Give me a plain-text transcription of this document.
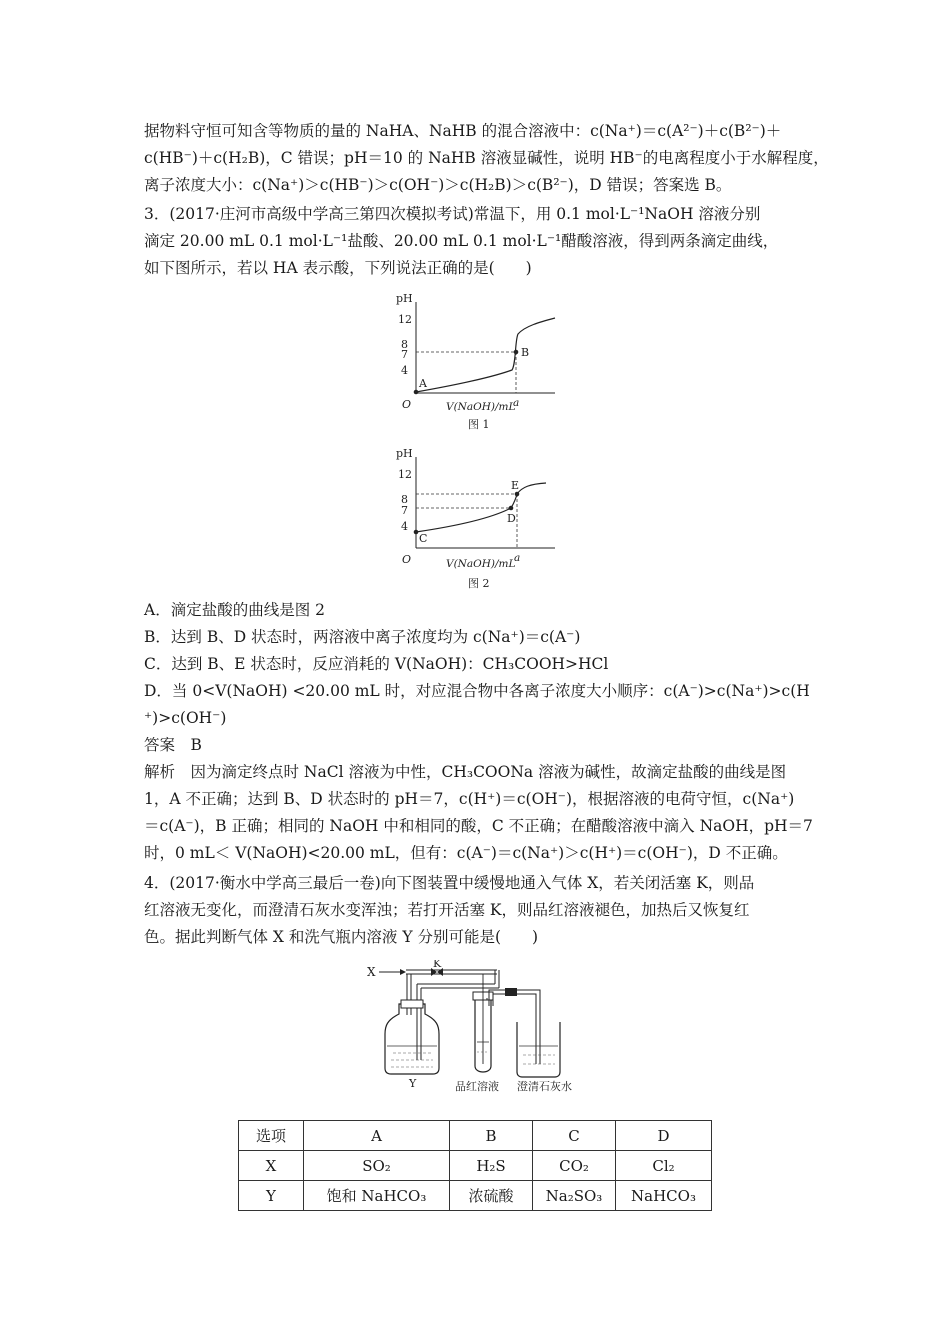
据物料守恒可知含等物质的量的 NaHA、NaHB 的混合溶液中：c(Na⁺)＝c(A²⁻)＋c(B²⁻)＋
c(HB⁻)＋c(H₂B)，C 错误；pH＝10 的 NaHB 溶液显碱性，说明 HB⁻的电离程度小于水解程度，
离子浓度大小：c(Na⁺)＞c(HB⁻)＞c(OH⁻)＞c(H₂B)＞c(B²⁻)，D 错误；答案选 B。
3．(2017·庄河市高级中学高三第四次模拟考试)常温下，用 0.1 mol·L⁻¹NaOH 溶液分别
滴定 20.00 mL 0.1 mol·L⁻¹盐酸、20.00 mL 0.1 mol·L⁻¹醋酸溶液，得到两条滴定曲线，
如下图所示，若以 HA 表示酸，下列说法正确的是(　　)
pH
12
8
7
4
O
A
B
V(NaOH)/mL
a
图 1
pH
12
8
7
4
O
C
D
E
V(NaOH)/mL
a
图 2
A．滴定盐酸的曲线是图 2
B．达到 B、D 状态时，两溶液中离子浓度均为 c(Na⁺)＝c(A⁻)
C．达到 B、E 状态时，反应消耗的 V(NaOH)：CH₃COOH>HCl
D．当 0<V(NaOH) <20.00 mL 时，对应混合物中各离子浓度大小顺序：c(A⁻)>c(Na⁺)>c(H
⁺)>c(OH⁻)
答案　B
解析　因为滴定终点时 NaCl 溶液为中性，CH₃COONa 溶液为碱性，故滴定盐酸的曲线是图
1，A 不正确；达到 B、D 状态时的 pH＝7，c(H⁺)＝c(OH⁻)，根据溶液的电荷守恒，c(Na⁺)
＝c(A⁻)，B 正确；相同的 NaOH 中和相同的酸，C 不正确；在醋酸溶液中滴入 NaOH，pH＝7
时，0 mL＜ V(NaOH)<20.00 mL，但有：c(A⁻)＝c(Na⁺)＞c(H⁺)＝c(OH⁻)，D 不正确。
4．(2017·衡水中学高三最后一卷)向下图装置中缓慢地通入气体 X，若关闭活塞 K，则品
红溶液无变化，而澄清石灰水变浑浊；若打开活塞 K，则品红溶液褪色，加热后又恢复红
色。据此判断气体 X 和洗气瓶内溶液 Y 分别可能是(　　)
X
K
Y	品红溶液 澄清石灰水
选项	A	B	C	D
X	SO₂	H₂S	CO₂	Cl₂
Y	饱和 NaHCO₃	浓硫酸	Na₂SO₃	NaHCO₃
